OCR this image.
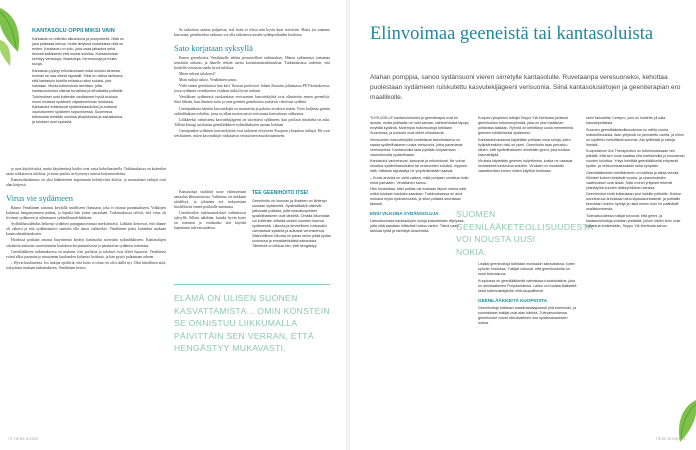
KANTASOLU OPPII MIKSI VAIN

Kantasolu on elämän alkusoluna ja pluripotentti. Niitä on joka paikassa kehoa, mutta tietyissä kudoksissa niitä on eniten. Kantasolu on solu, joka osaa jakautua sekä itsensä kaltaiseksi että muiksi soluiksi. Kantasoluista kehittyy verisoluja, lihassoluja, hermosoluja ja muita soluja.

Kantasolu pystyy erikoistumaan miksi soluksi tahansa, kunhan se saa oikeat signaalit. Siksi on oltava tarkkana, että kantasolu todella erilaistuu siksi soluksi, jota halutaan. Monia tutkimuksia tarvitaan, jotta kantasoluhoidot olisivat turvallisia ja tehokkaita potilaille.

Tutkimukset ovat kuitenkin osoittaneet hyviä tuloksia muun muassa sydämen vajaatoiminnan hoidossa. Kantasolut erilaistuvat sydänlihassoluiksi ja auttavat vaurioituneen sydämen toipumisessa. Suomessa tutkimusta tehdään useissa yliopistoissa ja sairaaloissa, ja tulokset ovat lupaavia.

ja osaa käyttää niitä, mutta käytännössä hoidot ovat vasta kokeiluasteella. Tutkimuksissa on kuitenkin saatu rohkaisevia tuloksia, ja moni potilas on hyötynyt uusista hoitomuodoista.

Kantasolututkimus on yksi lääketieteen nopeimmin kehittyvistä aloista, ja suomalaiset tutkijat ovat alan kärjessä.

Virus vie sydämeen

Raimo Venäläinen sairastui keväällä tavalliseen flunssaan, joka ei ottanut parantuakseen. Viikkojen kuluessa hengästyminen paheni, ja lopulta hän joutui sairaalaan. Tutkimuksissa selvisi, että virus oli levinnyt sydämeen ja aiheuttanut sydänlihastulehduksen.

Sydänlihastulehdus heikensi sydämen pumppausvoimaa merkittävästi. Lääkärit kertoivat, että tilanne oli vakava ja että sydämensiirto saattaisi olla ainoa vaihtoehto. Venäläinen pääsi kuitenkin mukaan kantasolututkimukseen.

Hoidossa potilaan omasta luuytimestä kerätyt kantasolut siirrettiin sydänlihakseen. Kantasolujen odotettiin auttavan vaurioituneen kudoksen korjautumisessa ja parantavan sydämen toimintaa.

Geenilääkkeen tutkimuksessa on mukana viisi potilasta ja tulokset ovat olleet lupaavia. Venäläisen vointi alkoi parantua jo muutaman kuukauden kuluessa hoidosta, ja hän pystyi palaamaan arkeen.

– Hyvin kuuluneena. Jos tutkijat epäilivät, että hoito ei toimi, en olisi täällä nyt. Olen kiitollinen siitä, että pääsin mukaan tutkimukseen, Venäläinen kertoo.

Se tarkoittaa saattaa puljaavaa, että hoito ei tehoa niin hyvin kuin toivottiin. Mutta jos saamme kasvattaa, geenihoidon vaikutus voi olla ratkaiseva uusien sydänpotilaiden hoidossa.

Sato korjataan syksyllä

Ennen geenihoitoa Venäläiselle tehtiin perusteelliset tutkimukset. Hänen sydämensä toimintaa seurattiin tarkasti, ja hänelle tehtiin useita kuvantamistutkimuksia. Tutkimuksissa todettiin, että hoidolla voitaisiin saada hyviä tuloksia.

Miten tulevat tuloksesi?

Moni tutkija uskoo, Venäläinen sanoo.

Vielä ennen geenihoitoa hän kävi Turussa professori Juhani Knuutin johtamassa PET-keskuksessa, jossa sydämen verenkiertoa voidaan tutkia hyvin tarkasti.

Venäläisen sydämessä ruiskutetaan verisuonten kasvutekijöitä ovat eliminoitu ennen geeneilyä. Siitä lähtien, kun ihmisen solut ja oma geenien geenihoitoa saattavat vahvistaa sydäntä.

Geenipankista haettiin kasvutekijää on monistettu ja pakattu viruksen sisään. Virus kuljettaa geenin sydänlihaksen soluihin, jossa se alkaa tuottaa uusia verisuonia kasvattavaa valkuaista.

Lääkkeeksi valmistettu kasvutekijägeeni on siirrettävä sydämeen, kun potilaan rintakehä on auki. Tällöin kirurgi ruiskuttaa geenilääkkeen sydänlihakseen useaan kohtaan.

Geenipankin sydämen kasvutekijöitä ovat tutkineet erityisesti Kuopion yliopiston tutkijat. He ovat selvittäneet, miten kasvutekijät vaikuttavat verisuonten muodostumiseen.

Kantasoluja sisältävä tuote valmistetaan sairaalan laboratoriossa. Valmistus on tarkkaan säädeltyä, ja jokainen erä tarkastetaan huolellisesti ennen potilaalle antamista.

Geenihoidon tutkimustulokset valmistuvat syksyllä. Silloin nähdään, kuinka hyvin hoito on toiminut ja voidaanko sitä käyttää laajemmin tulevaisuudessa.

TEE GEENIHOITO ITSE!
Geenihoito on luonnan ja lihaksen on lähtenyt suoraan sydämeltä. Sydänlääkärit näkevät jatkuvasti potilaita, joille kasvatuspisteet sydänlihakseen ovat tärkeitä. Omalla liikunnalla voi kuitenkin edistää uusien suonten kasvua sydämessä. Liikunta ja terveellinen ruokavalio vahvistavat sydäntä ja auttavat verenkiertoa. Säännöllinen liikunta on paras keino pitää sydän kunnossa ja ennaltaehkäistä sairauksia. Tärkeintä on liikkua niin, että hengästyy.
ELÄMÄ ON ULISEN SUONEN KASVATTAMISTA... OMIN KONSTEIN SE ONNISTUU LIIKKUMALLA PÄIVITTÄIN SEN VERRAN, ETTÄ HENGÄSTYY MUKAVASTI.
70 TIEDE 8/2004
Elinvoimaa geeneistä tai kantasoluista
Alahan pomppia, sanoo sydänsuoni vieren siirretylle kantasolulle. Ruvetaanpa veresuoneksi, kehottaa puolestaan sydämeen ruiskutettu kasvutekijägeeni verisuonia. Siinä kantasolusiirtojen ja geeniterapian ero maallikolle.

TUTKIJOILLE kantasoluhoidot ja geeniterapia ovat eri asioita, mutta potilaalle ne ovat samaa: vaihtoehtoisia tapoja elvyttää sydäntä. Molempia hoitomuotoja tutkitaan Suomessa, ja tulokset ovat olleet rohkaisevia.

Verisuonten kasvutekijöitä hoidettavat tarkoituksena on saada sydänlihakseen uusia verisuonia, jotka parantavat verenkiertoa. Kantasoluilla taas pyritään korjaamaan vaurioitunutta sydänlihasta.

Kantasolut vanhenevat, kasvavat ja erikoistuvat. Ne voivat muuttua sydänlihassoluiksi tai verisuonten soluiksi, riippuen siitä, millaisia signaaleja ne ympäristöstään saavat.

– Kuusi arvioita on vielä vaikea, mikä pohjaan onnistua hoito ehkä parhaiten, Venäläinen sanoo.

Hän muistuttaa, ettei potilas ole koskaan täysin varma siitä, mitkä tulokset hoidosta saadaan. Tutkimuksessa on aina mukana myös epävarmuutta, ja siksi potilaita seurataan tarkasti.

ENSI VILKONA SYDÄNSOLUJA

Laboratoriossa kantasolujen soluja kasvatetaan viljelyssä, jotta niitä saadaan riittävästi hoitoa varten. Tämä vaatii tarkkaa työtä ja steriilejä olosuhteita.

Kuopion yliopiston tutkijat Seppo Ylä-Herttuala johtavat geenihoidon tutkimusryhmää, joka on yksi maailman johtavista alallaan. Ryhmä on kehittänyt uusia menetelmiä geenien siirtämiseksi sydämeen.

Kantasoluhoidoissa käytetään potilaan omia soluja, joten hyljintäreaktion riski on pieni. Geenihoito taas perustuu siihen, että sydänlihakseen siirretään geeni, joka tuottaa kasvutekijää.

Viruksia käytetään geenien kuljettimina, koska ne osaavat luontaisesti tunkeutua soluihin. Virukset on muokattu vaarattomiksi ennen niiden käyttöä hoidossa.

SUOMEN GEENILÄÄKETEOLLISUUDESTA VOI NOUSTA UUSI NOKIA.

Lisäksi geenihoitoja tutkitaan muissakin sairauksissa, kuten syövän hoidossa. Tutkijat uskovat, että geenihoidoilla on suuri tulevaisuus.

Kuopiossa on geenilääkkeitä valmistava tuotantolaitos, joka on ainutlaatuinen Pohjoismaissa. Laitos voi tuottaa lääkkeitä sekä tutkimuskäyttöön että kaupallisesti.

GEENILÄÄKKEITÄ KUOPIOSTA

Geenihoitoja tutkitaan maailmanlaajuisesti yhä enemmän, ja suomalaiset tutkijat ovat alan kärkeä. Tulevaisuudessa geenihoidot voivat olla tavallinen osa sydänsairauksien hoitoa.

seen tarkoitettu Cerepro, jota on hoidettu yli sata kasvainpotilasta.

Suomen geenilääketeollisuudessa on nähty suuria mahdollisuuksia. Alan yrityksiä on perustettu useita, ja niihin on sijoitettu merkittäviä summia. Ala työllistää jo satoja ihmisiä.

Kuopiolainen Ark Therapeutics on tutkimuksissaan niin pitkällä, että sen tuote saattaa olla markkinoilla jo muutaman vuoden kuluttua. Yritys kehittää geenilääkkeitä erityisesti sydän- ja verisuonisairauksiin sekä syöpään.

Geenilääkkeiden kehittäminen on kallista ja aikaa vievää. Kliiniset kokeet kestävät vuosia, ja viranomaisten vaatimukset ovat tiukat. Siksi monet yritykset tekevät yhteistyötä suurten lääkeyhtiöiden kanssa.

Geenihoidot eivät kuitenkaan sovi kaikille potilaille. Hoidon soveltuvuus arvioidaan aina tapauskohtaisesti, ja potilaille kerrotaan hoidon hyödyt ja riskit ennen kuin he päättävät osallistumisesta.

Tulevaisuudessa tutkijat toivovat, että geeni- ja kantasoluhoitoja voidaan yhdistää, jolloin niiden teho voisi parantua entisestään, Seppo Ylä-Herttuala sanoo.

TIEDE 8/2004 71
